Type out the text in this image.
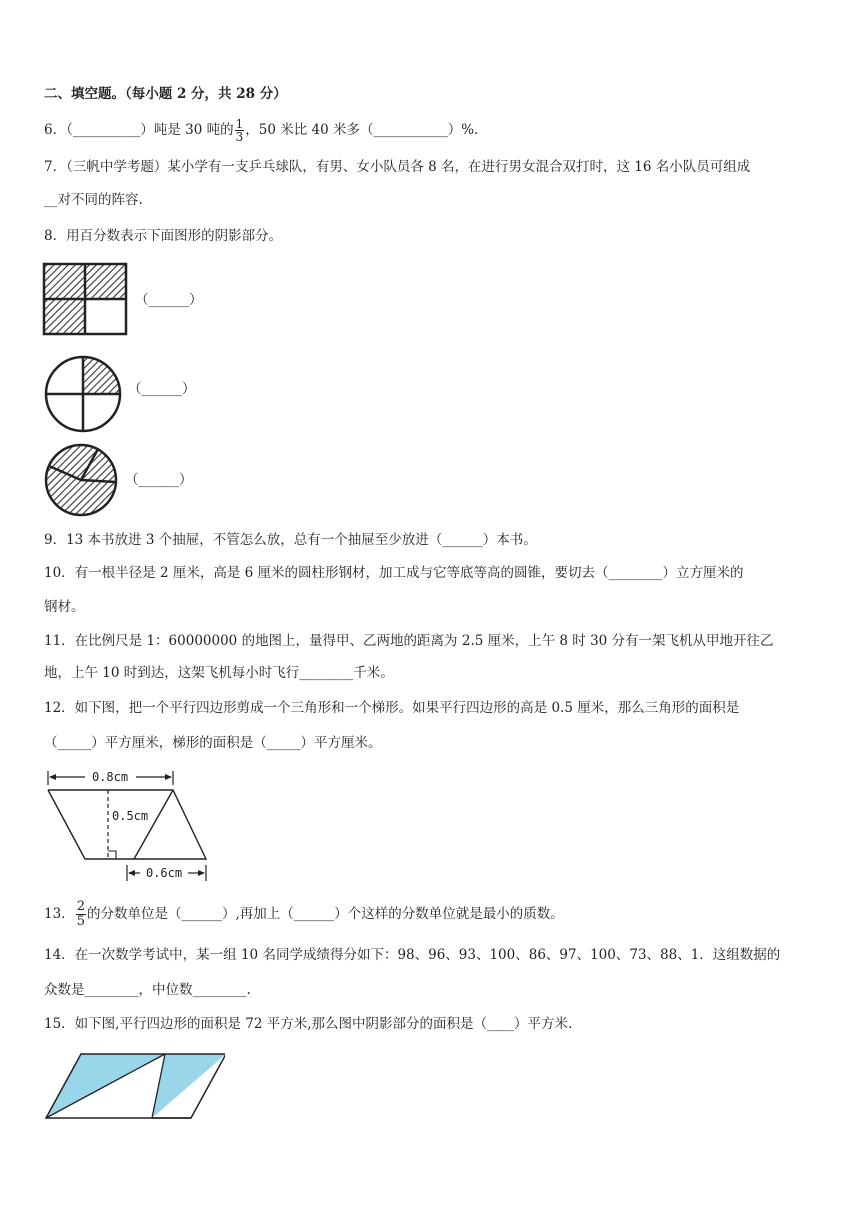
二、填空题。（每小题 2 分，共 28 分）
6．（__________）吨是 30 吨的 $\frac{1}{3}$ ，50 米比 40 米多（___________）%.
7．（三帆中学考题）某小学有一支乒乓球队，有男、女小队员各 8 名，在进行男女混合双打时，这 16 名小队员可组成
__对不同的阵容.
8．用百分数表示下面图形的阴影部分。
（______）
（______）
（______）
9．13 本书放进 3 个抽屉，不管怎么放，总有一个抽屉至少放进（______）本书。
10．有一根半径是 2 厘米，高是 6 厘米的圆柱形钢材，加工成与它等底等高的圆锥，要切去（________）立方厘米的
钢材。
11．在比例尺是 1：60000000 的地图上，量得甲、乙两地的距离为 2.5 厘米，上午 8 时 30 分有一架飞机从甲地开往乙
地，上午 10 时到达，这架飞机每小时飞行________千米。
12．如下图，把一个平行四边形剪成一个三角形和一个梯形。如果平行四边形的高是 0.5 厘米，那么三角形的面积是
（_____）平方厘米，梯形的面积是（_____）平方厘米。
0.8cm
0.5cm
0.6cm
13． $\frac{2}{5}$ 的分数单位是（______）,再加上（______）个这样的分数单位就是最小的质数。
14．在一次数学考试中，某一组 10 名同学成绩得分如下：98、96、93、100、86、97、100、73、88、1．这组数据的
众数是________，中位数________.
15．如下图,平行四边形的面积是 72 平方米,那么图中阴影部分的面积是（____）平方米.
